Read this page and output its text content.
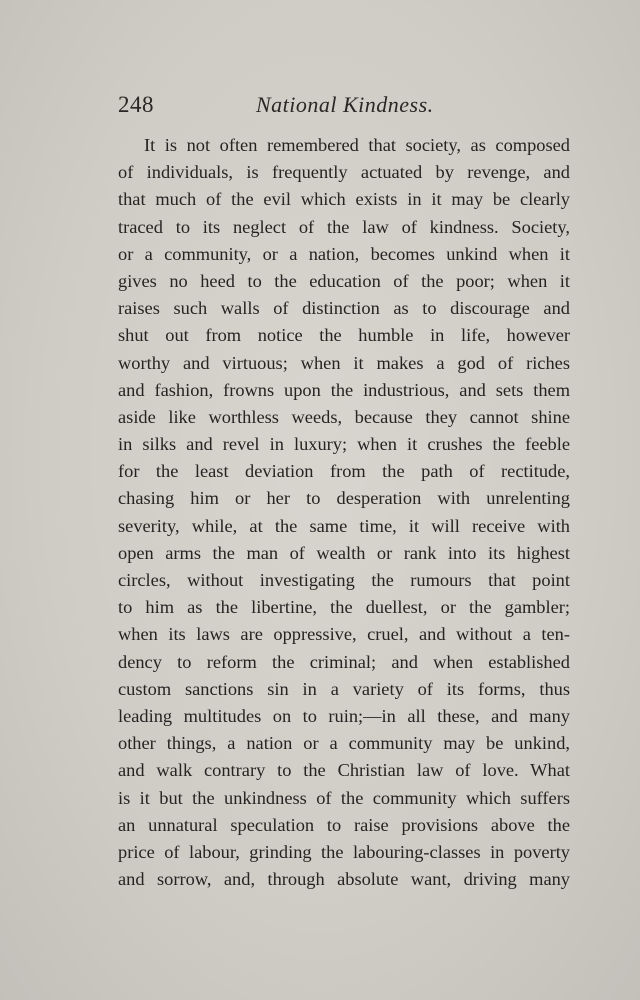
248	National Kindness.
It is not often remembered that society, as composed
of individuals, is frequently actuated by revenge, and
that much of the evil which exists in it may be clearly
traced to its neglect of the law of kindness. Society,
or a community, or a nation, becomes unkind when it
gives no heed to the education of the poor; when it
raises such walls of distinction as to discourage and
shut out from notice the humble in life, however
worthy and virtuous; when it makes a god of riches
and fashion, frowns upon the industrious, and sets them
aside like worthless weeds, because they cannot shine
in silks and revel in luxury; when it crushes the feeble
for the least deviation from the path of rectitude,
chasing him or her to desperation with unrelenting
severity, while, at the same time, it will receive with
open arms the man of wealth or rank into its highest
circles, without investigating the rumours that point
to him as the libertine, the duellest, or the gambler;
when its laws are oppressive, cruel, and without a ten-
dency to reform the criminal; and when established
custom sanctions sin in a variety of its forms, thus
leading multitudes on to ruin;—in all these, and many
other things, a nation or a community may be unkind,
and walk contrary to the Christian law of love. What
is it but the unkindness of the community which suffers
an unnatural speculation to raise provisions above the
price of labour, grinding the labouring-classes in poverty
and sorrow, and, through absolute want, driving many
